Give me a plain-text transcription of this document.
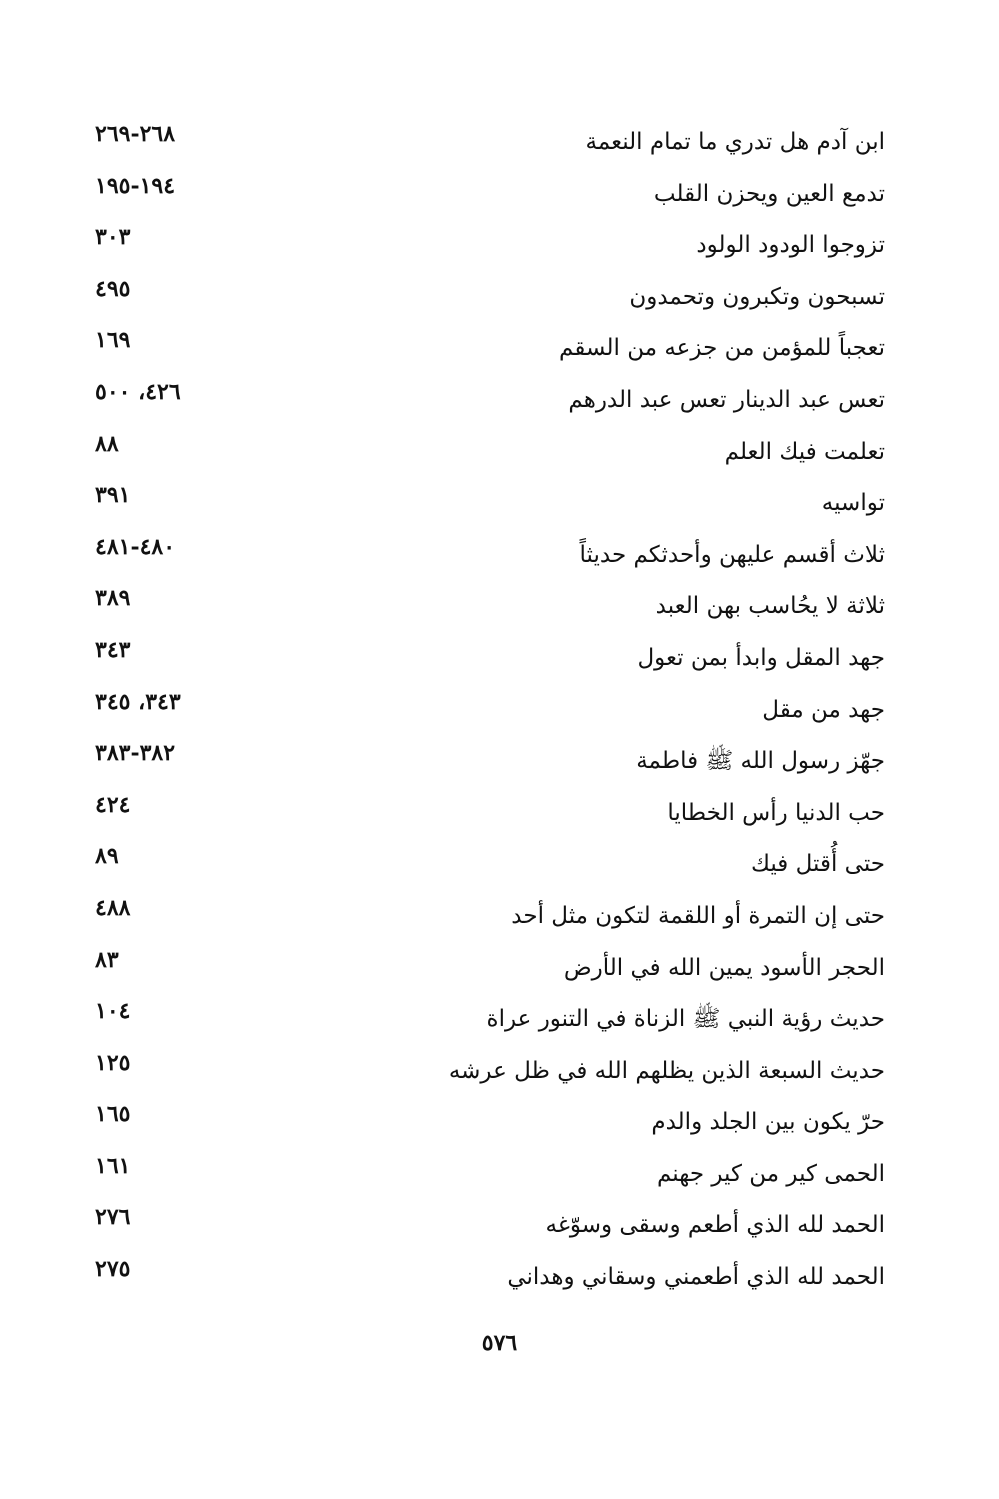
ابن آدم هل تدري ما تمام النعمة
٢٦٨-٢٦٩
تدمع العين ويحزن القلب
١٩٤-١٩٥
تزوجوا الودود الولود
٣٠٣
تسبحون وتكبرون وتحمدون
٤٩٥
تعجباً للمؤمن من جزعه من السقم
١٦٩
تعس عبد الدينار تعس عبد الدرهم
٤٢٦، ٥٠٠
تعلمت فيك العلم
٨٨
تواسيه
٣٩١
ثلاث أقسم عليهن وأحدثكم حديثاً
٤٨٠-٤٨١
ثلاثة لا يحُاسب بهن العبد
٣٨٩
جهد المقل وابدأ بمن تعول
٣٤٣
جهد من مقل
٣٤٣، ٣٤٥
جهّز رسول الله ﷺ فاطمة
٣٨٢-٣٨٣
حب الدنيا رأس الخطايا
٤٢٤
حتى أُقتل فيك
٨٩
حتى إن التمرة أو اللقمة لتكون مثل أحد
٤٨٨
الحجر الأسود يمين الله في الأرض
٨٣
حديث رؤية النبي ﷺ الزناة في التنور عراة
١٠٤
حديث السبعة الذين يظلهم الله في ظل عرشه
١٢٥
حرّ يكون بين الجلد والدم
١٦٥
الحمى كير من كير جهنم
١٦١
الحمد لله الذي أطعم وسقى وسوّغه
٢٧٦
الحمد لله الذي أطعمني وسقاني وهداني
٢٧٥
٥٧٦
